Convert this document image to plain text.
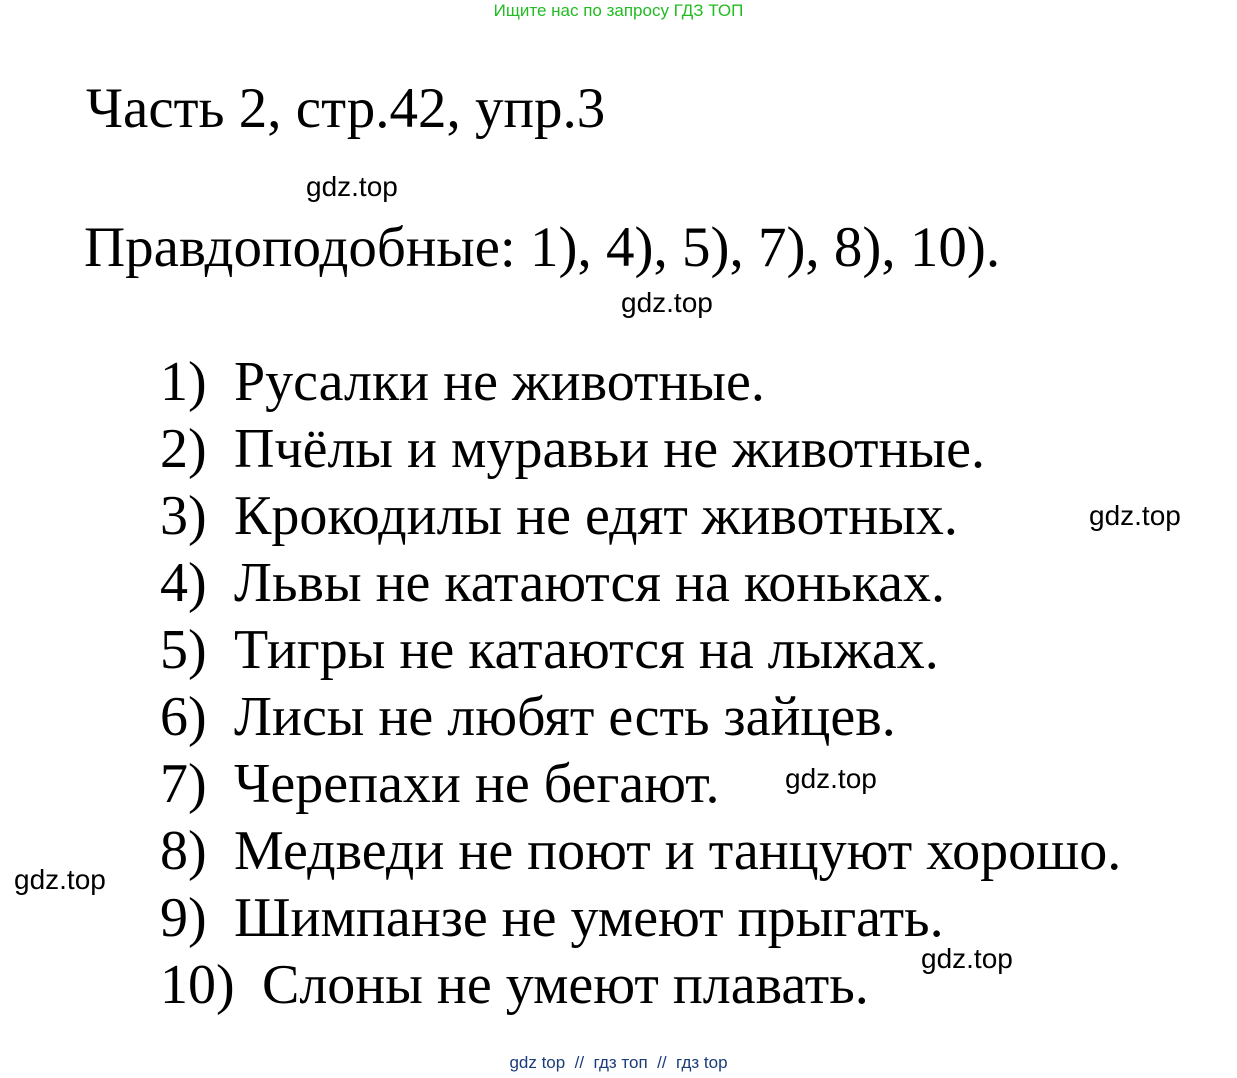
Ищите нас по запросу ГДЗ ТОП
Часть 2, стр.42, упр.3
gdz.top
Правдоподобные: 1), 4), 5), 7), 8), 10).
gdz.top
1) Русалки не животные.
2) Пчёлы и муравьи не животные.
3) Крокодилы не едят животных.
4) Львы не катаются на коньках.
5) Тигры не катаются на лыжах.
6) Лисы не любят есть зайцев.
7) Черепахи не бегают.
8) Медведи не поют и танцуют хорошо.
9) Шимпанзе не умеют прыгать.
10) Слоны не умеют плавать.
gdz.top
gdz.top
gdz.top
gdz.top
gdz top  //  гдз топ  //  гдз top
